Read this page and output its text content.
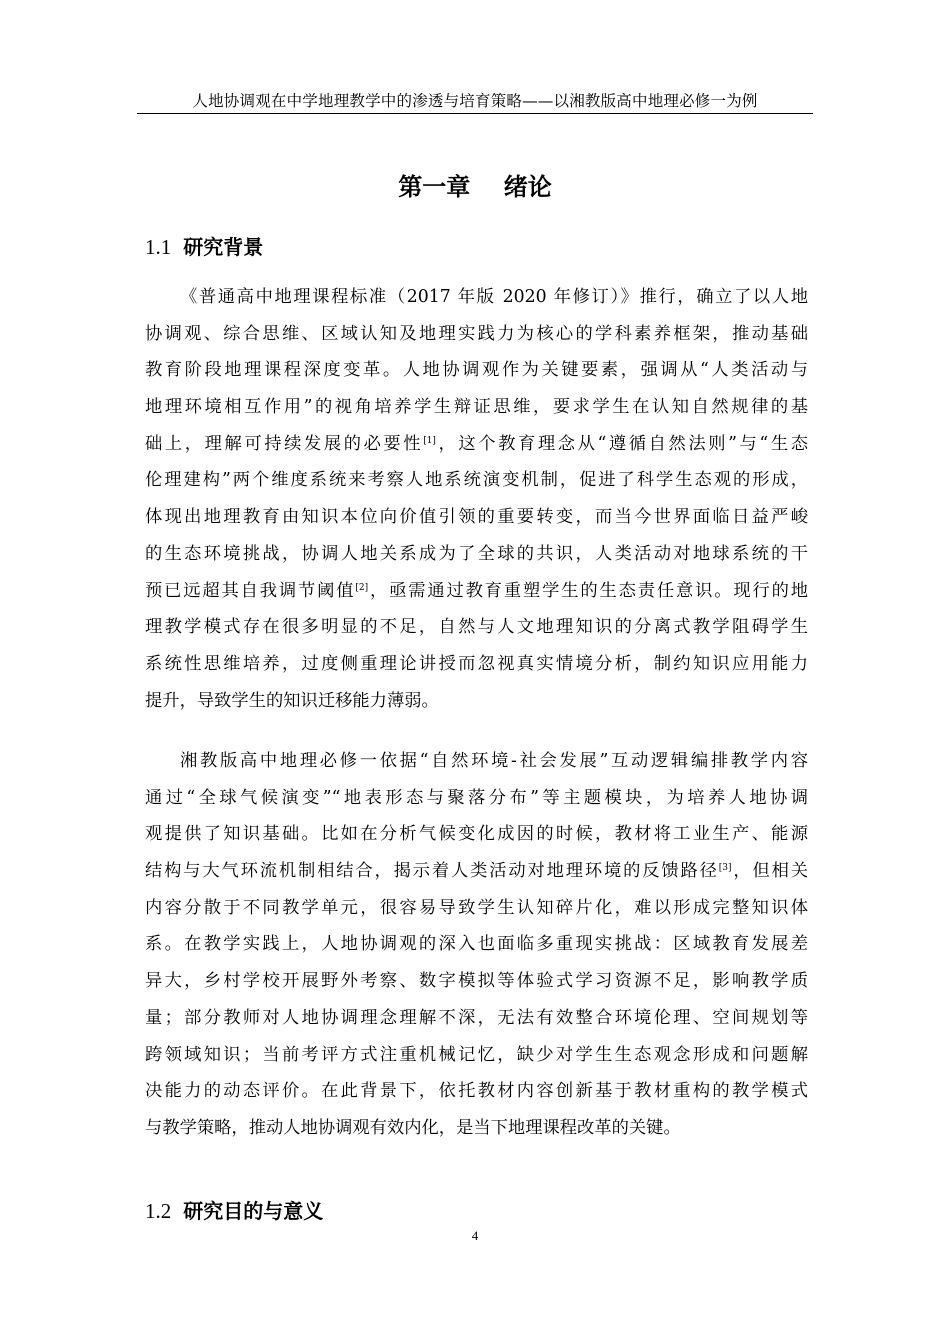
人地协调观在中学地理教学中的渗透与培育策略——以湘教版高中地理必修一为例
第一章    绪论
1.1 研究背景
《普通高中地理课程标准（2017 年版 2020 年修订）》推行，确立了以人地
协调观、综合思维、区域认知及地理实践力为核心的学科素养框架，推动基础
教育阶段地理课程深度变革。人地协调观作为关键要素，强调从“人类活动与
地理环境相互作用”的视角培养学生辩证思维，要求学生在认知自然规律的基
础上，理解可持续发展的必要性[1]，这个教育理念从“遵循自然法则”与“生态
伦理建构”两个维度系统来考察人地系统演变机制，促进了科学生态观的形成，
体现出地理教育由知识本位向价值引领的重要转变，而当今世界面临日益严峻
的生态环境挑战，协调人地关系成为了全球的共识，人类活动对地球系统的干
预已远超其自我调节阈值[2]，亟需通过教育重塑学生的生态责任意识。现行的地
理教学模式存在很多明显的不足，自然与人文地理知识的分离式教学阻碍学生
系统性思维培养，过度侧重理论讲授而忽视真实情境分析，制约知识应用能力
提升，导致学生的知识迁移能力薄弱。
湘教版高中地理必修一依据“自然环境-社会发展”互动逻辑编排教学内容
通过“全球气候演变”“地表形态与聚落分布”等主题模块，为培养人地协调
观提供了知识基础。比如在分析气候变化成因的时候，教材将工业生产、能源
结构与大气环流机制相结合，揭示着人类活动对地理环境的反馈路径[3]，但相关
内容分散于不同教学单元，很容易导致学生认知碎片化，难以形成完整知识体
系。在教学实践上，人地协调观的深入也面临多重现实挑战：区域教育发展差
异大，乡村学校开展野外考察、数字模拟等体验式学习资源不足，影响教学质
量；部分教师对人地协调理念理解不深，无法有效整合环境伦理、空间规划等
跨领域知识；当前考评方式注重机械记忆，缺少对学生生态观念形成和问题解
决能力的动态评价。在此背景下，依托教材内容创新基于教材重构的教学模式
与教学策略，推动人地协调观有效内化，是当下地理课程改革的关键。
1.2 研究目的与意义
4
